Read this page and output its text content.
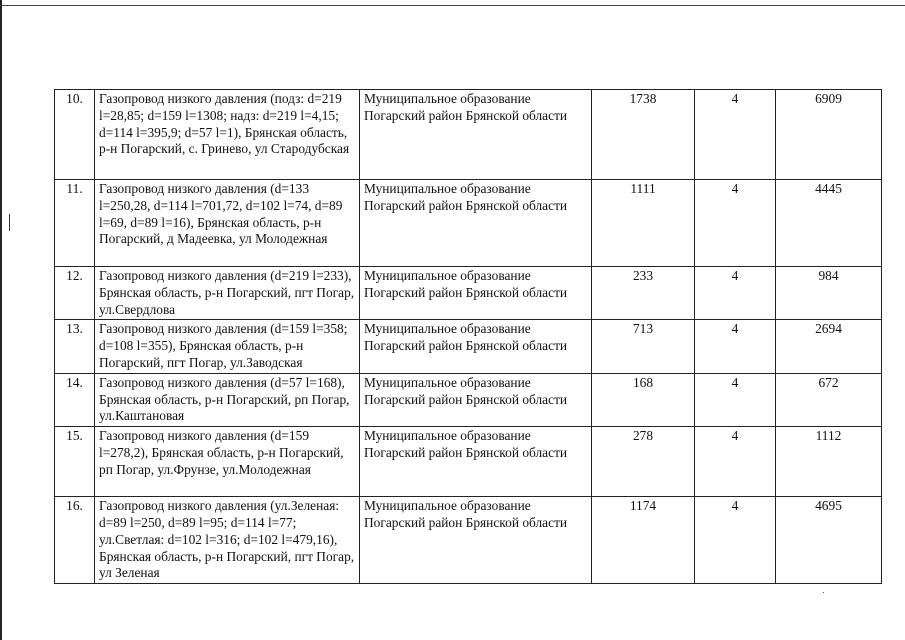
10.	Газопровод низкого давления (подз: d=219 l=28,85; d=159 l=1308; надз: d=219 l=4,15; d=114 l=395,9; d=57 l=1), Брянская область, р-н Погарский, с. Гринево, ул Стародубская	Муниципальное образование Погарский район Брянской области	1738	4	6909
11.	Газопровод низкого давления (d=133 l=250,28, d=114 l=701,72, d=102 l=74, d=89 l=69, d=89 l=16), Брянская область, р-н Погарский, д Мадеевка, ул Молодежная	Муниципальное образование Погарский район Брянской области	1111	4	4445
12.	Газопровод низкого давления (d=219 l=233), Брянская область, р-н Погарский, пгт Погар, ул.Свердлова	Муниципальное образование Погарский район Брянской области	233	4	984
13.	Газопровод низкого давления (d=159 l=358; d=108 l=355), Брянская область, р-н Погарский, пгт Погар, ул.Заводская	Муниципальное образование Погарский район Брянской области	713	4	2694
14.	Газопровод низкого давления (d=57 l=168), Брянская область, р-н Погарский, рп Погар, ул.Каштановая	Муниципальное образование Погарский район Брянской области	168	4	672
15.	Газопровод низкого давления (d=159 l=278,2), Брянская область, р-н Погарский, рп Погар, ул.Фрунзе, ул.Молодежная	Муниципальное образование Погарский район Брянской области	278	4	1112
16.	Газопровод низкого давления (ул.Зеленая: d=89 l=250, d=89 l=95; d=114 l=77; ул.Светлая: d=102 l=316; d=102 l=479,16), Брянская область, р-н Погарский, пгт Погар, ул Зеленая	Муниципальное образование Погарский район Брянской области	1174	4	4695
